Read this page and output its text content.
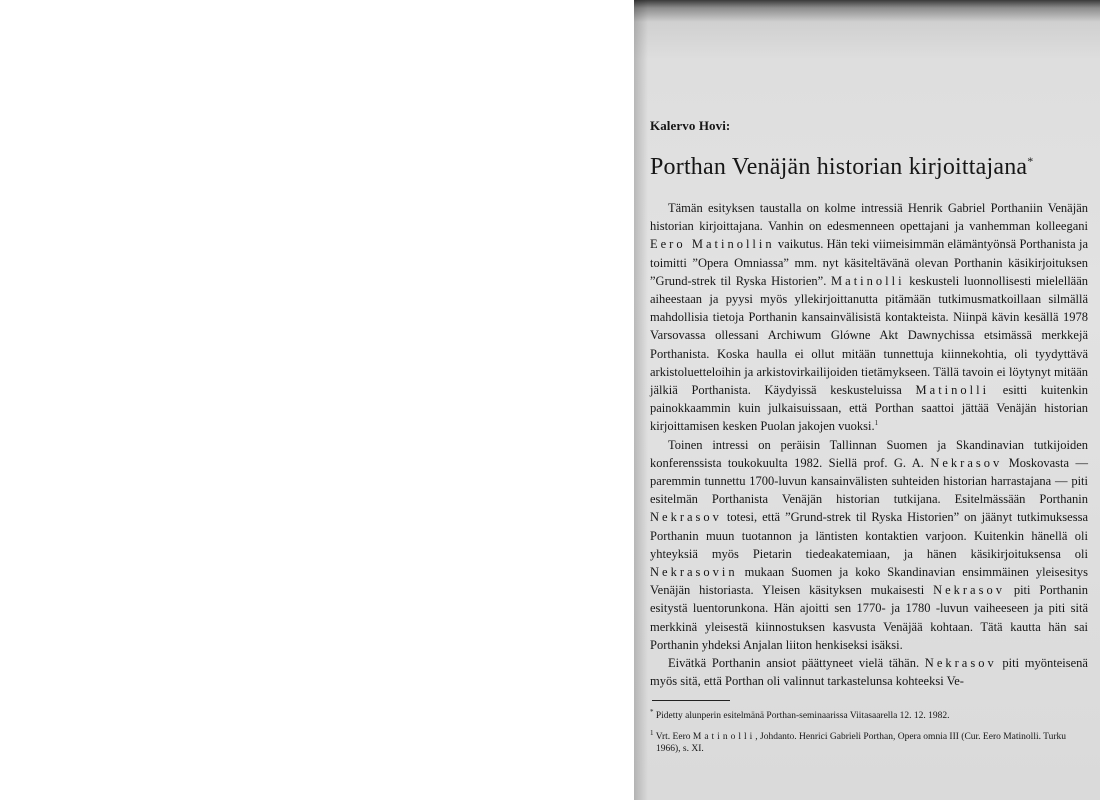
Kalervo Hovi:
Porthan Venäjän historian kirjoittajana*

Tämän esityksen taustalla on kolme intressiä Henrik Gabriel Porthaniin Venäjän historian kirjoittajana. Vanhin on edesmenneen opettajani ja vanhemman kolleegani Eero Matinollin vaikutus. Hän teki viimeisimmän elämäntyönsä Porthanista ja toimitti ”Opera Omniassa” mm. nyt käsiteltävänä olevan Porthanin käsikirjoituksen ”Grund-strek til Ryska Historien”. Matinolli keskusteli luonnollisesti mielellään aiheestaan ja pyysi myös yllekirjoittanutta pitämään tutkimusmatkoillaan silmällä mahdollisia tietoja Porthanin kansainvälisistä kontakteista. Niinpä kävin kesällä 1978 Varsovassa ollessani Archiwum Glówne Akt Dawnychissa etsimässä merkkejä Porthanista. Koska haulla ei ollut mitään tunnettuja kiinnekohtia, oli tyydyttävä arkistoluetteloihin ja arkistovirkailijoiden tietämykseen. Tällä tavoin ei löytynyt mitään jälkiä Porthanista. Käydyissä keskusteluissa Matinolli esitti kuitenkin painokkaammin kuin julkaisuissaan, että Porthan saattoi jättää Venäjän historian kirjoittamisen kesken Puolan jakojen vuoksi.$^1$

Toinen intressi on peräisin Tallinnan Suomen ja Skandinavian tutkijoiden konferenssista toukokuulta 1982. Siellä prof. G. A. Nekrasov Moskovasta — paremmin tunnettu 1700-luvun kansainvälisten suhteiden historian harrastajana — piti esitelmän Porthanista Venäjän historian tutkijana. Esitelmässään Porthanin Nekrasov totesi, että ”Grund-strek til Ryska Historien” on jäänyt tutkimuksessa Porthanin muun tuotannon ja läntisten kontaktien varjoon. Kuitenkin hänellä oli yhteyksiä myös Pietarin tiedeakatemiaan, ja hänen käsikirjoituksensa oli Nekrasovin mukaan Suomen ja koko Skandinavian ensimmäinen yleisesitys Venäjän historiasta. Yleisen käsityksen mukaisesti Nekrasov piti Porthanin esitystä luentorunkona. Hän ajoitti sen 1770- ja 1780 -luvun vaiheeseen ja piti sitä merkkinä yleisestä kiinnostuksen kasvusta Venäjää kohtaan. Tätä kautta hän sai Porthanin yhdeksi Anjalan liiton henkiseksi isäksi.

Eivätkä Porthanin ansiot päättyneet vielä tähän. Nekrasov piti myönteisenä myös sitä, että Porthan oli valinnut tarkastelunsa kohteeksi Ve-

* Pidetty alunperin esitelmänä Porthan-seminaarissa Viitasaarella 12. 12. 1982.
$^1$ Vrt. Eero Matinolli, Johdanto. Henrici Gabrieli Porthan, Opera omnia III (Cur. Eero Matinolli. Turku 1966), s. XI.
